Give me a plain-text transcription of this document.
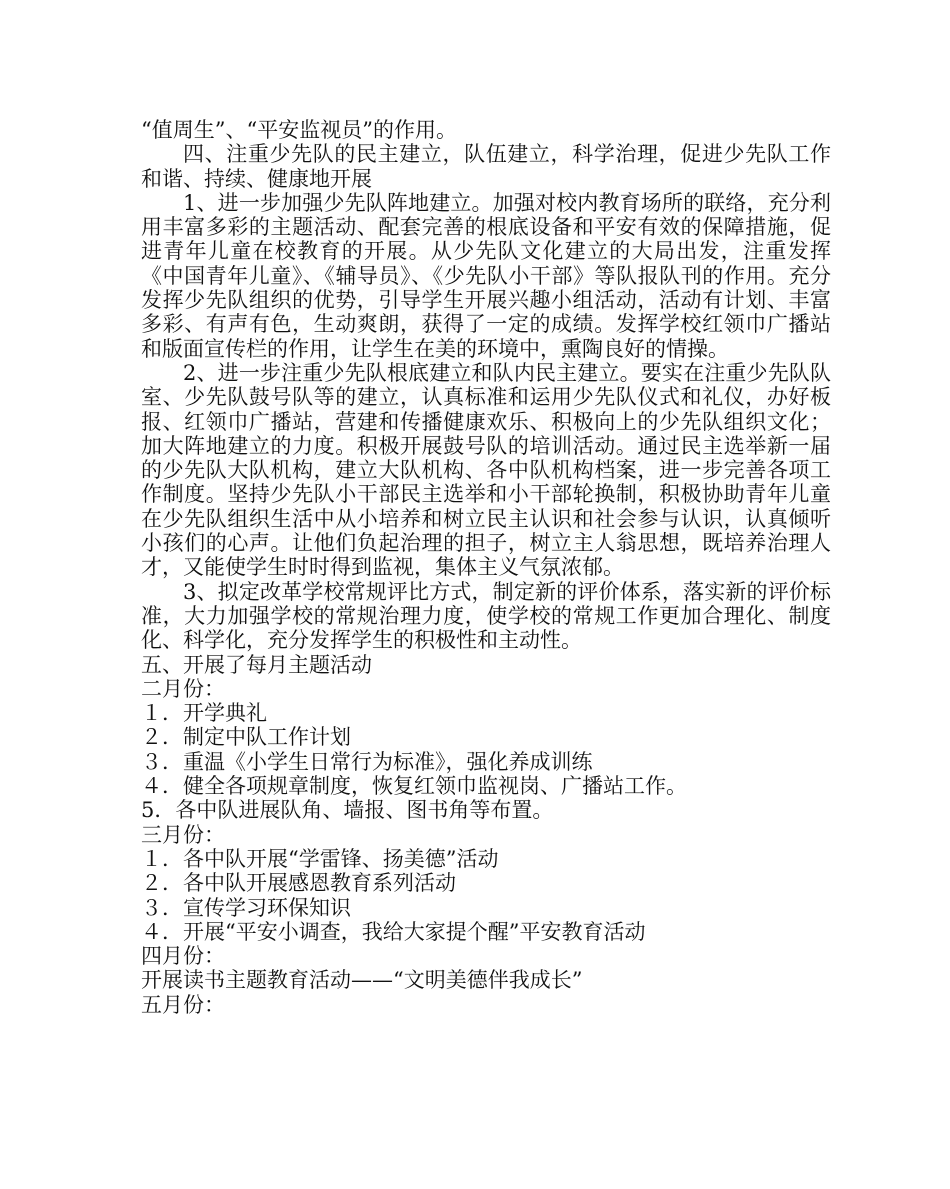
“值周生”、“平安监视员”的作用。

四、注重少先队的民主建立，队伍建立，科学治理，促进少先队工作和谐、持续、健康地开展

1、进一步加强少先队阵地建立。加强对校内教育场所的联络，充分利用丰富多彩的主题活动、配套完善的根底设备和平安有效的保障措施，促进青年儿童在校教育的开展。从少先队文化建立的大局出发，注重发挥《中国青年儿童》、《辅导员》、《少先队小干部》等队报队刊的作用。充分发挥少先队组织的优势，引导学生开展兴趣小组活动，活动有计划、丰富多彩、有声有色，生动爽朗，获得了一定的成绩。发挥学校红领巾广播站和版面宣传栏的作用，让学生在美的环境中，熏陶良好的情操。

2、进一步注重少先队根底建立和队内民主建立。要实在注重少先队队室、少先队鼓号队等的建立，认真标准和运用少先队仪式和礼仪，办好板报、红领巾广播站，营建和传播健康欢乐、积极向上的少先队组织文化；加大阵地建立的力度。积极开展鼓号队的培训活动。通过民主选举新一届的少先队大队机构，建立大队机构、各中队机构档案，进一步完善各项工作制度。坚持少先队小干部民主选举和小干部轮换制，积极协助青年儿童在少先队组织生活中从小培养和树立民主认识和社会参与认识，认真倾听小孩们的心声。让他们负起治理的担子，树立主人翁思想，既培养治理人才，又能使学生时时得到监视，集体主义气氛浓郁。

3、拟定改革学校常规评比方式，制定新的评价体系，落实新的评价标准，大力加强学校的常规治理力度，使学校的常规工作更加合理化、制度化、科学化，充分发挥学生的积极性和主动性。

五、开展了每月主题活动

二月份：

１．开学典礼

２．制定中队工作计划

３．重温《小学生日常行为标准》，强化养成训练

４．健全各项规章制度，恢复红领巾监视岗、广播站工作。

5．各中队进展队角、墙报、图书角等布置。

三月份：

１．各中队开展“学雷锋、扬美德”活动

２．各中队开展感恩教育系列活动

３．宣传学习环保知识

４．开展“平安小调查，我给大家提个醒”平安教育活动

四月份：

开展读书主题教育活动——“文明美德伴我成长”

五月份：
